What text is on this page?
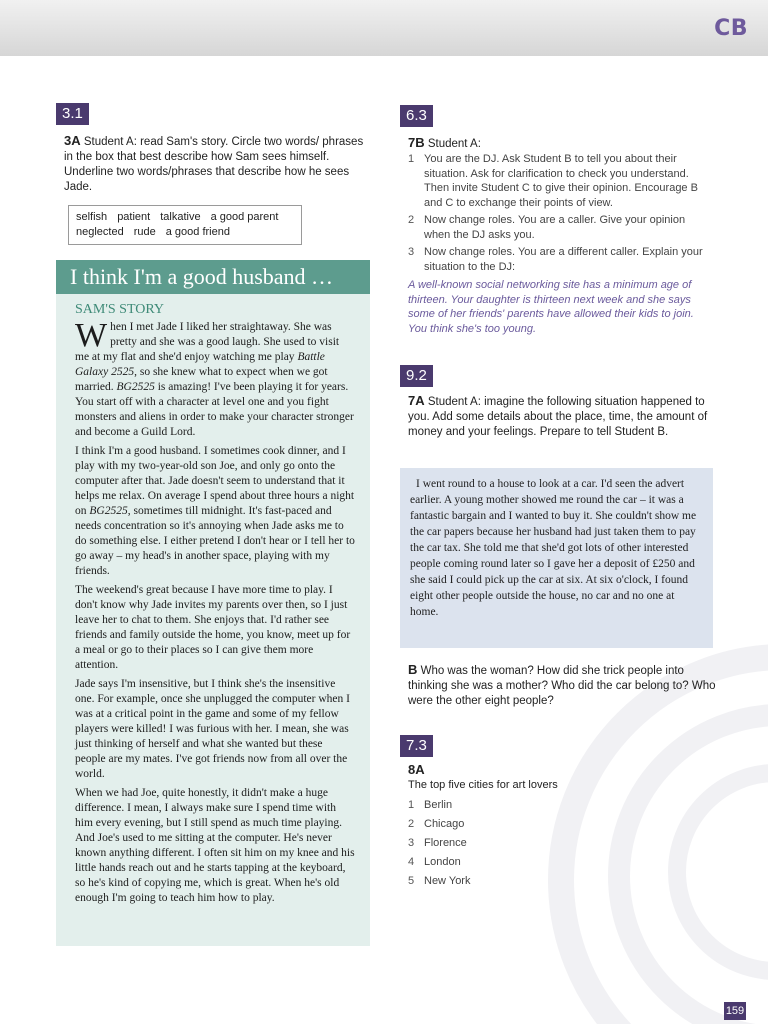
CB
3.1
3A Student A: read Sam's story. Circle two words/ phrases in the box that best describe how Sam sees himself. Underline two words/phrases that describe how he sees Jade.
selfish patient talkative a good parent
neglected rude a good friend
I think I'm a good husband …
SAM'S STORY

When I met Jade I liked her straightaway. She was pretty and she was a good laugh. She used to visit me at my flat and she'd enjoy watching me play Battle Galaxy 2525, so she knew what to expect when we got married. BG2525 is amazing! I've been playing it for years. You start off with a character at level one and you fight monsters and aliens in order to make your character stronger and become a Guild Lord.

I think I'm a good husband. I sometimes cook dinner, and I play with my two-year-old son Joe, and only go onto the computer after that. Jade doesn't seem to understand that it helps me relax. On average I spend about three hours a night on BG2525, sometimes till midnight. It's fast-paced and needs concentration so it's annoying when Jade asks me to do something else. I either pretend I don't hear or I tell her to go away – my head's in another space, playing with my friends.

The weekend's great because I have more time to play. I don't know why Jade invites my parents over then, so I just leave her to chat to them. She enjoys that. I'd rather see friends and family outside the home, you know, meet up for a meal or go to their places so I can give them more attention.

Jade says I'm insensitive, but I think she's the insensitive one. For example, once she unplugged the computer when I was at a critical point in the game and some of my fellow players were killed! I was furious with her. I mean, she was just thinking of herself and what she wanted but these people are my mates. I've got friends now from all over the world.

When we had Joe, quite honestly, it didn't make a huge difference. I mean, I always make sure I spend time with him every evening, but I still spend as much time playing. And Joe's used to me sitting at the computer. He's never known anything different. I often sit him on my knee and his little hands reach out and he starts tapping at the keyboard, so he's kind of copying me, which is great. When he's old enough I'm going to teach him how to play.

6.3
7B Student A:
1 You are the DJ. Ask Student B to tell you about their situation. Ask for clarification to check you understand. Then invite Student C to give their opinion. Encourage B and C to exchange their points of view.
2 Now change roles. You are a caller. Give your opinion when the DJ asks you.
3 Now change roles. You are a different caller. Explain your situation to the DJ:
A well-known social networking site has a minimum age of thirteen. Your daughter is thirteen next week and she says some of her friends' parents have allowed their kids to join. You think she's too young.
9.2
7A Student A: imagine the following situation happened to you. Add some details about the place, time, the amount of money and your feelings. Prepare to tell Student B.
I went round to a house to look at a car. I'd seen the advert earlier. A young mother showed me round the car – it was a fantastic bargain and I wanted to buy it. She couldn't show me the car papers because her husband had just taken them to pay the car tax. She told me that she'd got lots of other interested people coming round later so I gave her a deposit of £250 and she said I could pick up the car at six. At six o'clock, I found eight other people outside the house, no car and no one at home.
B Who was the woman? How did she trick people into thinking she was a mother? Who did the car belong to? Who were the other eight people?
7.3
8A
The top five cities for art lovers
1 Berlin
2 Chicago
3 Florence
4 London
5 New York
159
